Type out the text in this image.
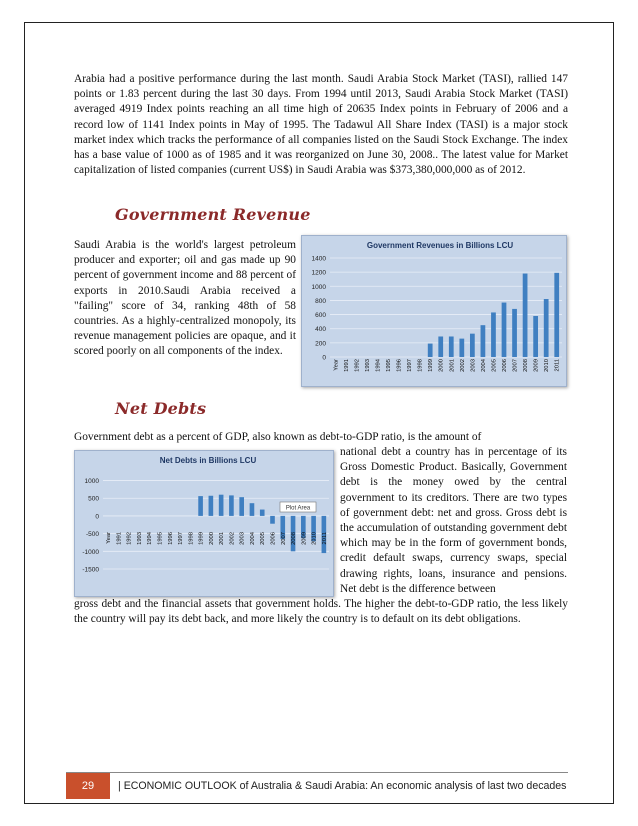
Arabia had a positive performance during the last month. Saudi Arabia Stock Market (TASI), rallied 147 points or 1.83 percent during the last 30 days. From 1994 until 2013, Saudi Arabia Stock Market (TASI) averaged 4919 Index points reaching an all time high of 20635 Index points in February of 2006 and a record low of 1141 Index points in May of 1995. The Tadawul All Share Index (TASI) is a major stock market index which tracks the performance of all companies listed on the Saudi Stock Exchange. The index has a base value of 1000 as of 1985 and it was reorganized on June 30, 2008.. The latest value for Market capitalization of listed companies (current US$) in Saudi Arabia was $373,380,000,000 as of 2012.

Government Revenue

Saudi Arabia is the world's largest petroleum producer and exporter; oil and gas made up 90 percent of government income and 88 percent of exports in 2010.Saudi Arabia received a "failing" score of 34, ranking 48th of 58 countries. As a highly-centralized monopoly, its revenue management policies are opaque, and it scored poorly on all components of the index.

Government Revenues in Billions LCU
0
200
400
600
800
1000
1200
1400
Year 1991 1992 1993 1994 1995 1996 1997 1998 1999 2000 2001 2002 2003 2004 2005 2006 2007 2008 2009 2010 2011
Net Debts

Government debt as a percent of GDP, also known as debt-to-GDP ratio, is the amount of

national debt a country has in percentage of its Gross Domestic Product. Basically, Government debt is the money owed by the central government to its creditors. There are two types of government debt: net and gross. Gross debt is the accumulation of outstanding government debt which may be in the form of government bonds, credit default swaps, currency swaps, special drawing rights, loans, insurance and pensions. Net debt is the difference between

gross debt and the financial assets that government holds. The higher the debt-to-GDP ratio, the less likely the country will pay its debt back, and more likely the country is to default on its debt obligations.

Net Debts in Billions LCU
-1500
-1000
-500
0
500
1000
Year 1991 1992 1993 1994 1995 1996 1997 1998 1999 2000 2001 2002 2003 2004 2005 2006 2007 2008 2009 2010 2011
Plot Area
29	| ECONOMIC OUTLOOK of Australia & Saudi Arabia: An economic analysis of last two decades
